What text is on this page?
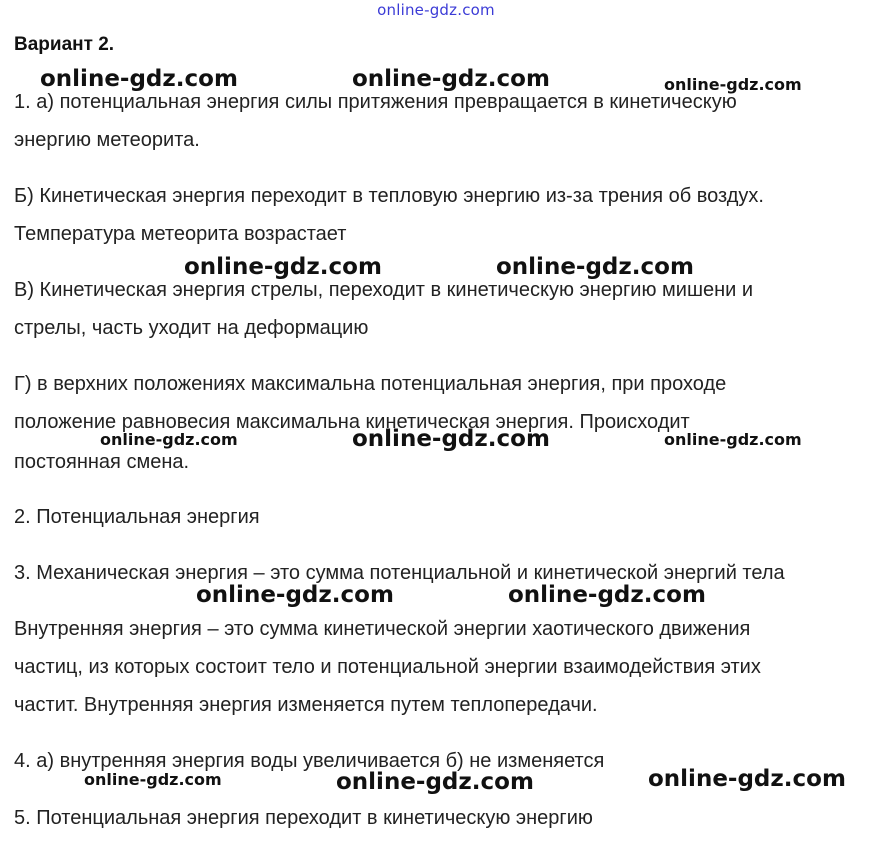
online-gdz.com
Вариант 2.
1. а) потенциальная энергия силы притяжения превращается в кинетическую
энергию метеорита.
Б) Кинетическая энергия переходит в тепловую энергию из-за трения об воздух.
Температура метеорита возрастает
В) Кинетическая энергия стрелы, переходит в кинетическую энергию мишени и
стрелы, часть уходит на деформацию
Г) в верхних положениях максимальна потенциальная энергия, при проходе
положение равновесия максимальна кинетическая энергия. Происходит
постоянная смена.
2. Потенциальная энергия
3. Механическая энергия – это сумма потенциальной и кинетической энергий тела
Внутренняя энергия – это сумма кинетической энергии хаотического движения
частиц, из которых состоит тело и потенциальной энергии взаимодействия этих
частит. Внутренняя энергия изменяется путем теплопередачи.
4. а) внутренняя энергия воды увеличивается б) не изменяется
5. Потенциальная энергия переходит в кинетическую энергию
online-gdz.com	online-gdz.com	online-gdz.com
online-gdz.com	online-gdz.com
online-gdz.com	online-gdz.com	online-gdz.com
online-gdz.com	online-gdz.com
online-gdz.com	online-gdz.com	online-gdz.com
